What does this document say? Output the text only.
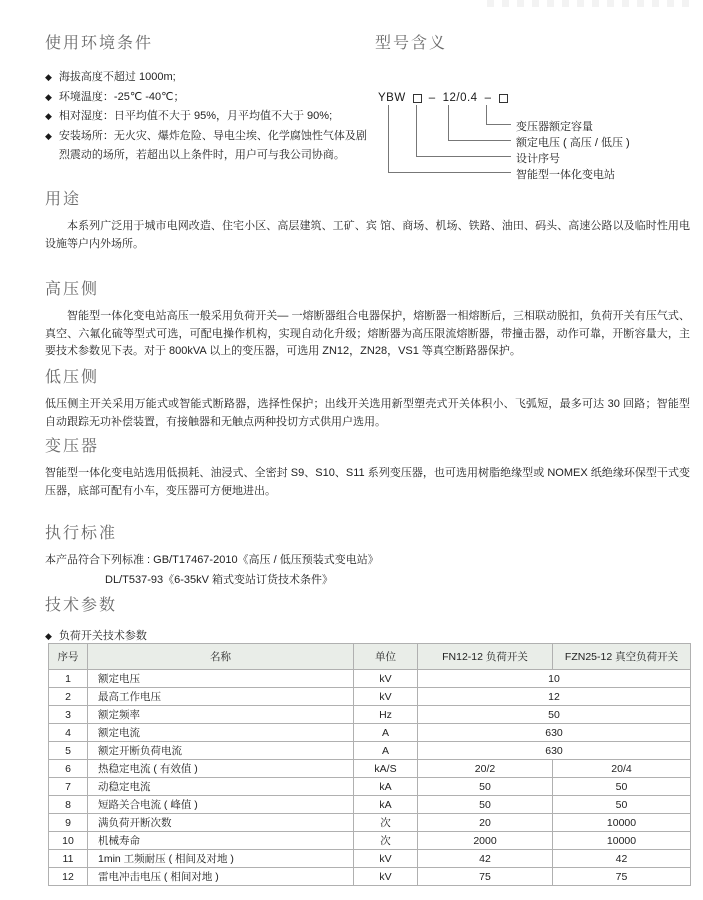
使用环境条件
◆ 海拔高度不超过 1000m;
◆ 环境温度：-25℃ -40℃；
◆ 相对湿度：日平均值不大于 95%，月平均值不大于 90%;
◆ 安装场所：无火灾、爆炸危险、导电尘埃、化学腐蚀性气体及剧烈震动的场所，若超出以上条件时，用户可与我公司协商。
型号含义
YBW – 12/0.4 –
变压器额定容量
额定电压 ( 高压 / 低压 )
设计序号
智能型一体化变电站
用途

本系列广泛用于城市电网改造、住宅小区、高层建筑、工矿、宾 馆、商场、机场、铁路、油田、码头、高速公路以及临时性用电设施等户内外场所。

高压侧

智能型一体化变电站高压一般采用负荷开关— 一熔断器组合电器保护，熔断器一相熔断后，三相联动脱扣，负荷开关有压气式、真空、六氟化硫等型式可选，可配电操作机构，实现自动化升级；熔断器为高压限流熔断器，带撞击器，动作可靠，开断容量大，主要技术参数见下表。对于 800kVA 以上的变压器，可选用 ZN12，ZN28，VS1 等真空断路器保护。

低压侧

低压侧主开关采用万能式或智能式断路器，选择性保护；出线开关选用新型塑壳式开关体积小、飞弧短，最多可达 30 回路；智能型自动跟踪无功补偿装置，有接触器和无触点两种投切方式供用户选用。

变压器

智能型一体化变电站选用低损耗、油浸式、全密封 S9、S10、S11 系列变压器，也可选用树脂绝缘型或 NOMEX 纸绝缘环保型干式变压器，底部可配有小车，变压器可方便地进出。

执行标准

本产品符合下列标准 : GB/T17467-2010《高压 / 低压预装式变电站》

DL/T537-93《6-35kV 箱式变站订货技术条件》

技术参数
◆ 负荷开关技术参数
序号	名称	单位	FN12-12 负荷开关	FZN25-12 真空负荷开关
1	额定电压	kV	10	
2	最高工作电压	kV	12	
3	额定频率	Hz	50	
4	额定电流	A	630	
5	额定开断负荷电流	A	630	
6	热稳定电流 ( 有效值 )	kA/S	20/2	20/4
7	动稳定电流	kA	50	50
8	短路关合电流 ( 峰值 )	kA	50	50
9	满负荷开断次数	次	20	10000
10	机械寿命	次	2000	10000
11	1min 工频耐压 ( 相间及对地 )	kV	42	42
12	雷电冲击电压 ( 相间对地 )	kV	75	75
